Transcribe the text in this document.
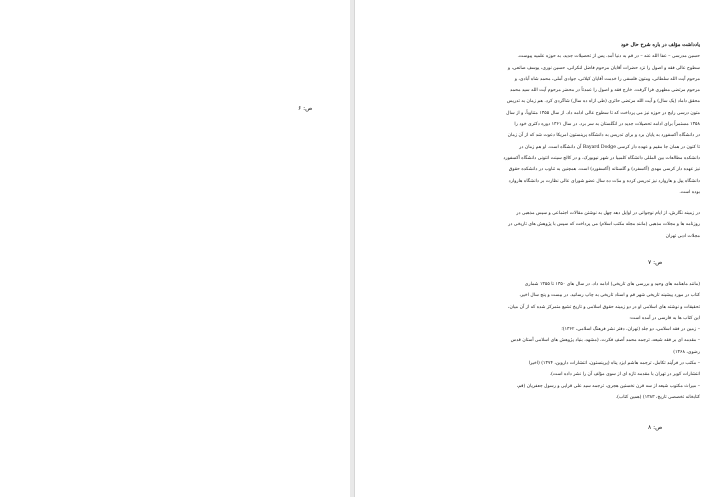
ص: ۶
ص: ۷
ص: ۸
یادداشت مؤلف در باره شرح حال خود
حسین مدرسی – عفا الله عنه – در قم به دنیا آمد. پس از تحصیلات جدید، به حوزه علمیه پیوست.
سطوح عالی فقه و اصول را نزد حضرات آقایان مرحوم فاضل لنکرانی، حسین نوری، یوسف صانعی، و
مرحوم آیت الله سلطانی، ومتون فلسفی را خدمت آقایان کیلانی، جوادی آملی، محمد شاه آبادی، و
مرحوم مرتضی مطهری فرا گرفت. خارج فقه و اصول را عمدتاً در محضر مرحوم آیت الله سید محمد
محقق داماد (یک سال) و آیت الله مرتضی حائری (طی ازاه ده سال) شاگردی کرد. هم زمان به تدریس
متون درسی رایج در حوزه نیز می پرداخت که تا سطوح عالی ادامه داد. از سال ۱۳۵۵ متناوباً، و از سال
۱۳۵۸ مستمراً برای ادامه تحصیلات جدید در انگلستان به سر برد. در سال ۱۳۶۱ دوره دکتری خود را
در دانشگاه آکسفورد به پایان برد و برای تدریس به دانشگاه پرینستون امریکا دعوت شد که از آن زمان
تا کنون در همان جا مقیم و عهده دار کرسی Bayard Dodge آن دانشگاه است. او هم زمان در
دانشکده مطالعات بین المللی دانشگاه کلمبیا در شهر نیویورک، و در کالج سینت انتونی دانشگاه آکسفورد
نیز عهده دار کرسی مهدی (آکسفرد) و گلستانه (آکسفورد) است. همچنین به تناوب در دانشکده حقوق
دانشگاه ییل و هاروارد نیز تدریس کرده و مدّت ده سال عضو شورای عالی نظارت بر دانشگاه هاروارد
بوده است.
در زمینه نگارش، از ایام نوجوانی در اوایل دهه چهل به نوشتن مقالات اجتماعی و سیس مذهبی در
روزنامه ها و مجلات مذهبی (مانند مجله مکتب اسلام) می پرداخت که سپس با پژوهش های تاریخی در
مجلات ادبی تهران
(مانند ماهنامه های وحید و بررسی های تاریخی) ادامه داد. در سال های ۱۳۵۰ تا ۱۳۵۵ شماری
کتاب در مورد پیشینه تاریخی شهر قم و اسناد تاریخی به چاپ رسانید. در بیست و پنج سال اخیر،
تحقیقات و نوشته های اسلامی او در دو زمینه حقوق اسلامی و تاریخ تشیع متمرکز شده که از آن میان،
این کتاب ها به فارسی در آمده است:
– زمین در فقه اسلامی، دو جلد (تهران، دفتر نشر فرهنگ اسلامی، ۱۳۶۲)؛
– مقدمه ای بر فقه شیعه، ترجمه محمد آصف فکرت، (مشهد، بنیاد پژوهش های اسلامی آستان قدس
رضوی، ۱۳۶۸)
– مکتب در فرآیند تکامل، ترجمه هاشم ایزد پناه (پرینستون، انتشارات داروین، ۱۳۷۴) (اخیرا
انتشارات کویر در تهران با مقدمه تازه ای از سوی مؤلف آن را نشر داده است).
– میراث مکتوب شیعه از سه قرن نخستین هجری، ترجمه سید علی قرایی و رسول جعفریان (قم،
کتابخانه تخصصی تاریخ، ۱۳۸۳) (همین کتاب).
